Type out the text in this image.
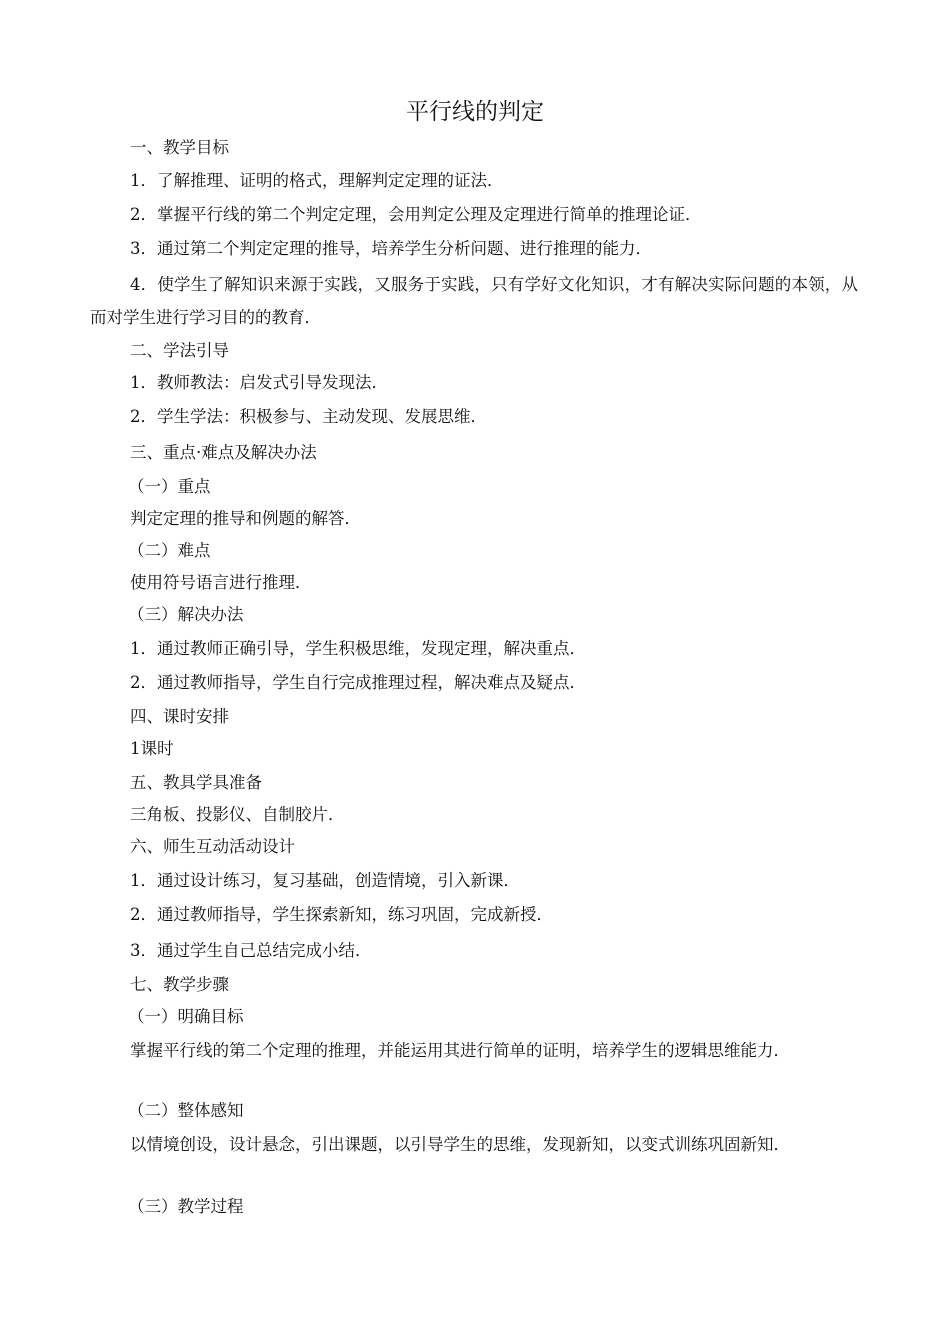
平行线的判定
一、教学目标
1．了解推理、证明的格式，理解判定定理的证法．
2．掌握平行线的第二个判定定理，会用判定公理及定理进行简单的推理论证．
3．通过第二个判定定理的推导，培养学生分析问题、进行推理的能力．
4．使学生了解知识来源于实践，又服务于实践，只有学好文化知识，才有解决实际问题的本领，从而对学生进行学习目的的教育．
二、学法引导
1．教师教法：启发式引导发现法．
2．学生学法：积极参与、主动发现、发展思维．
三、重点·难点及解决办法
（一）重点
判定定理的推导和例题的解答．
（二）难点
使用符号语言进行推理．
（三）解决办法
1．通过教师正确引导，学生积极思维，发现定理，解决重点．
2．通过教师指导，学生自行完成推理过程，解决难点及疑点．
四、课时安排
1课时
五、教具学具准备
三角板、投影仪、自制胶片．
六、师生互动活动设计
1．通过设计练习，复习基础，创造情境，引入新课．
2．通过教师指导，学生探索新知，练习巩固，完成新授．
3．通过学生自己总结完成小结．
七、教学步骤
（一）明确目标
掌握平行线的第二个定理的推理，并能运用其进行简单的证明，培养学生的逻辑思维能力．
（二）整体感知
以情境创设，设计悬念，引出课题，以引导学生的思维，发现新知，以变式训练巩固新知．
（三）教学过程
